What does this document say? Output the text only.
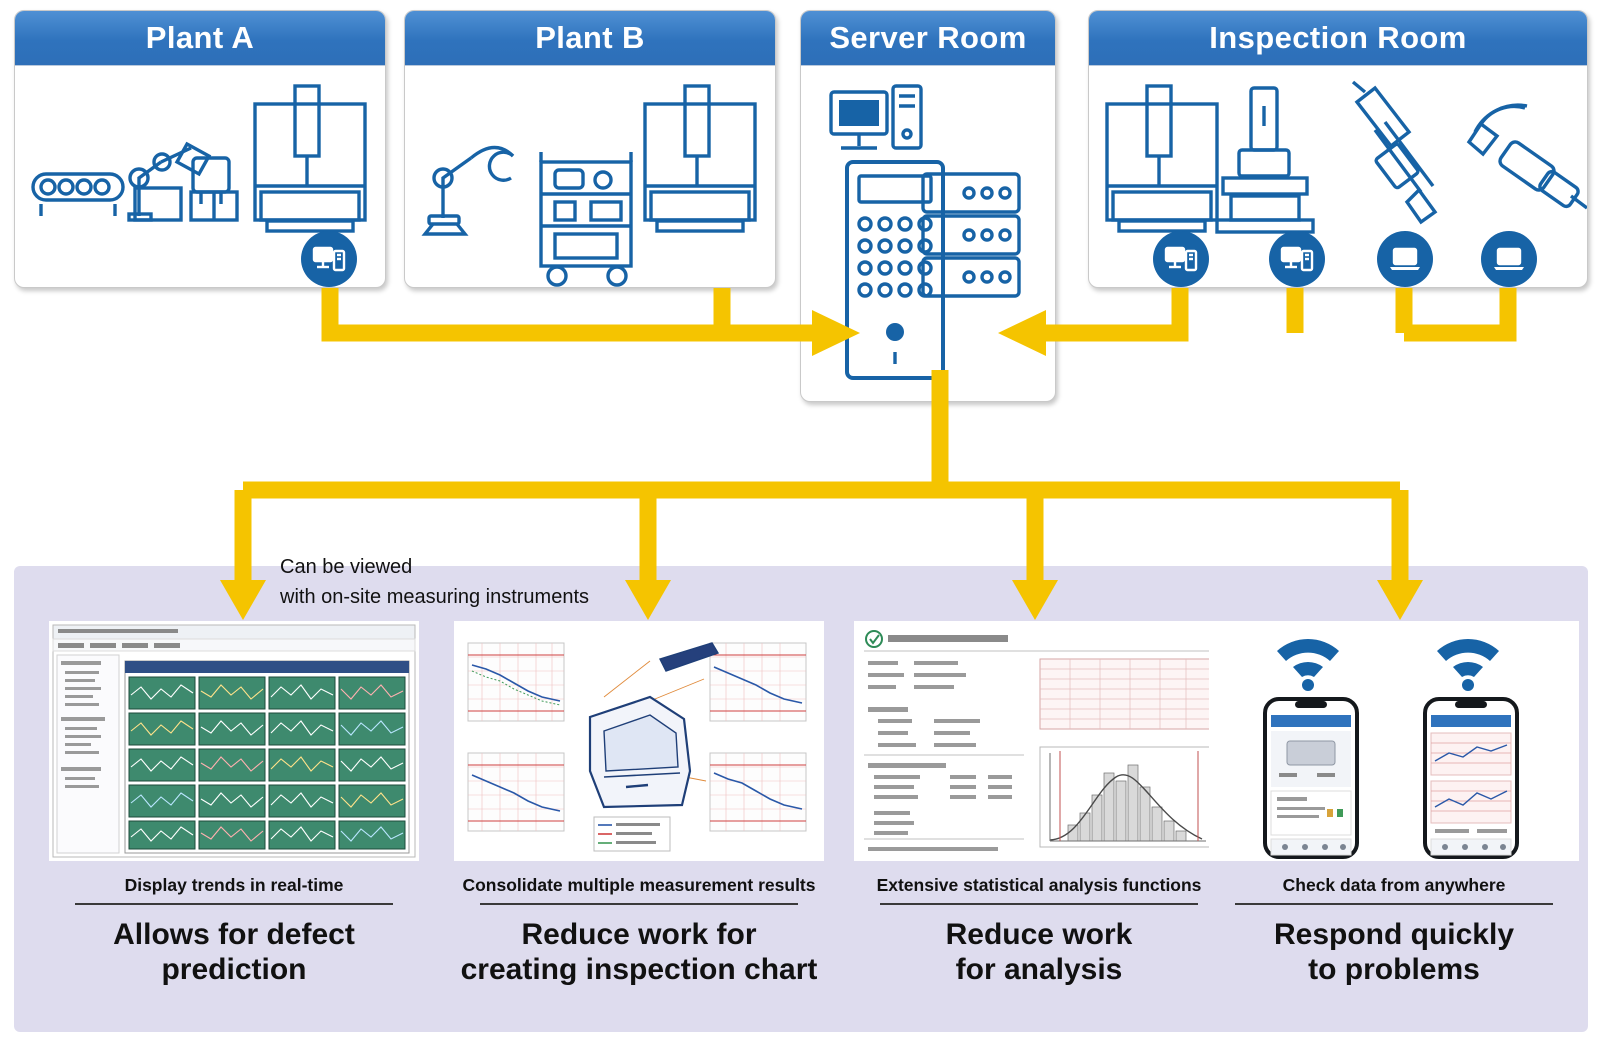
Plant A	Plant B	Server Room	Inspection Room
Can be viewed
with on-site measuring instruments
Display trends in real-time
Allows for defect
prediction
Consolidate multiple measurement results
Reduce work for
creating inspection chart
Extensive statistical analysis functions
Reduce work
for analysis
Check data from anywhere
Respond quickly
to problems
